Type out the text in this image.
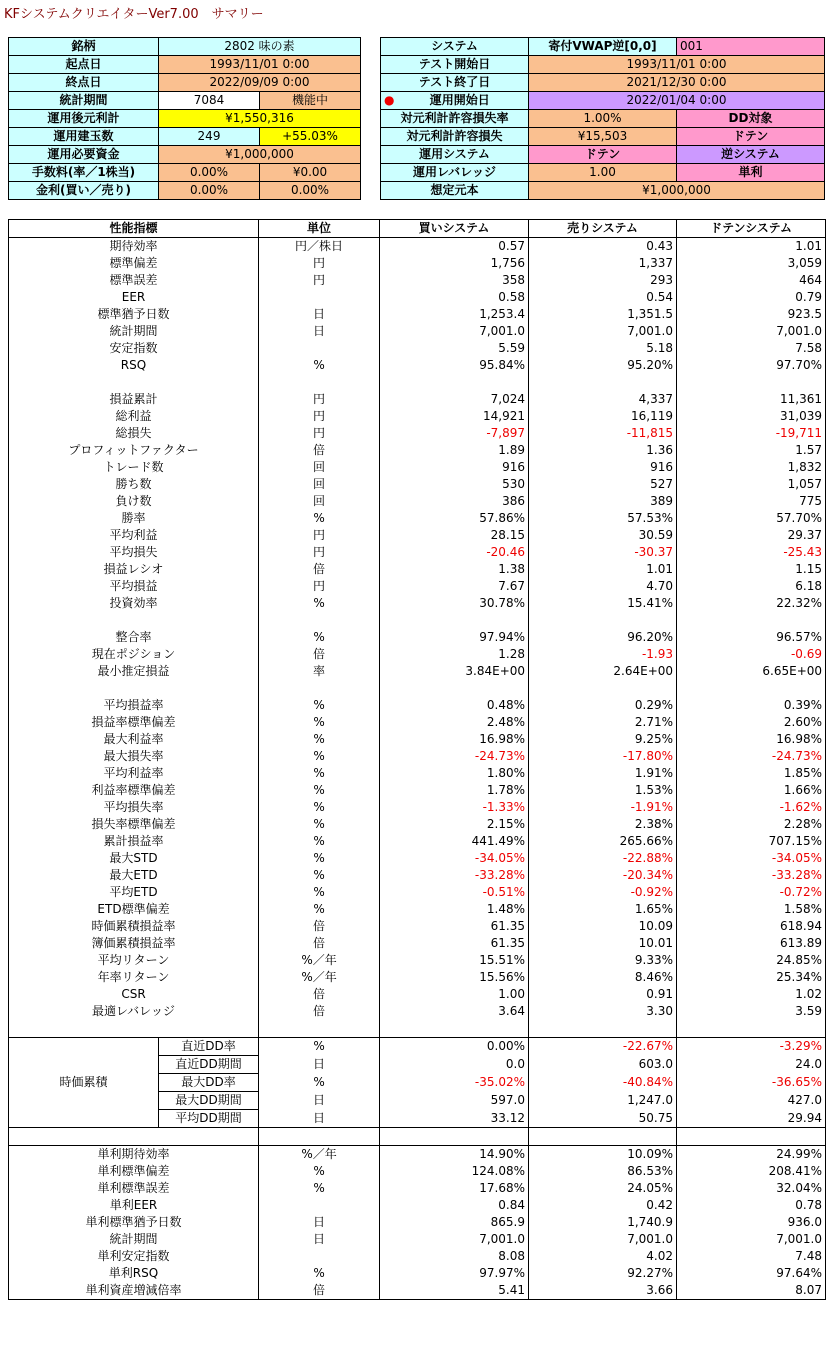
KFシステムクリエイターVer7.00　サマリー
銘柄	2802 味の素	
起点日	1993/11/01 0:00	
終点日	2022/09/09 0:00	
統計期間	7084	機能中
運用後元利計	¥1,550,316	
運用建玉数	249	+55.03%
運用必要資金	¥1,000,000	
手数料(率／1株当)	0.00%	¥0.00
金利(買い／売り)	0.00%	0.00%
システム	寄付VWAP逆[0,0]	001
テスト開始日	1993/11/01 0:00	
テスト終了日	2021/12/30 0:00	

● 運用開始日	2022/01/04 0:00	
対元利計許容損失率	1.00%	DD対象
対元利計許容損失	¥15,503	ドテン
運用システム	ドテン	逆システム
運用レバレッジ	1.00	単利
想定元本	¥1,000,000	
性能指標		単位	買いシステム	売りシステム	ドテンシステム
期待効率		円／株日	0.57	0.43	1.01
標準偏差		円	1,756	1,337	3,059
標準誤差		円	358	293	464
EER			0.58	0.54	0.79
標準猶予日数		日	1,253.4	1,351.5	923.5
統計期間		日	7,001.0	7,001.0	7,001.0
安定指数			5.59	5.18	7.58
RSQ		%	95.84%	95.20%	97.70%

損益累計		円	7,024	4,337	11,361
総利益		円	14,921	16,119	31,039
総損失		円	-7,897	-11,815	-19,711
プロフィットファクター		倍	1.89	1.36	1.57
トレード数		回	916	916	1,832
勝ち数		回	530	527	1,057
負け数		回	386	389	775
勝率		%	57.86%	57.53%	57.70%
平均利益		円	28.15	30.59	29.37
平均損失		円	-20.46	-30.37	-25.43
損益レシオ		倍	1.38	1.01	1.15
平均損益		円	7.67	4.70	6.18
投資効率		%	30.78%	15.41%	22.32%

整合率		%	97.94%	96.20%	96.57%
現在ポジション		倍	1.28	-1.93	-0.69
最小推定損益		率	3.84E+00	2.64E+00	6.65E+00

平均損益率		%	0.48%	0.29%	0.39%
損益率標準偏差		%	2.48%	2.71%	2.60%
最大利益率		%	16.98%	9.25%	16.98%
最大損失率		%	-24.73%	-17.80%	-24.73%
平均利益率		%	1.80%	1.91%	1.85%
利益率標準偏差		%	1.78%	1.53%	1.66%
平均損失率		%	-1.33%	-1.91%	-1.62%
損失率標準偏差		%	2.15%	2.38%	2.28%
累計損益率		%	441.49%	265.66%	707.15%
最大STD		%	-34.05%	-22.88%	-34.05%
最大ETD		%	-33.28%	-20.34%	-33.28%
平均ETD		%	-0.51%	-0.92%	-0.72%
ETD標準偏差		%	1.48%	1.65%	1.58%
時価累積損益率		倍	61.35	10.09	618.94
簿価累積損益率		倍	61.35	10.01	613.89
平均リターン		%／年	15.51%	9.33%	24.85%
年率リターン		%／年	15.56%	8.46%	25.34%
CSR		倍	1.00	0.91	1.02
最適レバレッジ		倍	3.64	3.30	3.59

時価累積	直近DD率	%	0.00%	-22.67%	-3.29%
	直近DD期間	日	0.0	603.0	24.0
	最大DD率	%	-35.02%	-40.84%	-36.65%
	最大DD期間	日	597.0	1,247.0	427.0
	平均DD期間	日	33.12	50.75	29.94

単利期待効率		%／年	14.90%	10.09%	24.99%
単利標準偏差		%	124.08%	86.53%	208.41%
単利標準誤差		%	17.68%	24.05%	32.04%
単利EER			0.84	0.42	0.78
単利標準猶予日数		日	865.9	1,740.9	936.0
統計期間		日	7,001.0	7,001.0	7,001.0
単利安定指数			8.08	4.02	7.48
単利RSQ		%	97.97%	92.27%	97.64%
単利資産増減倍率		倍	5.41	3.66	8.07
